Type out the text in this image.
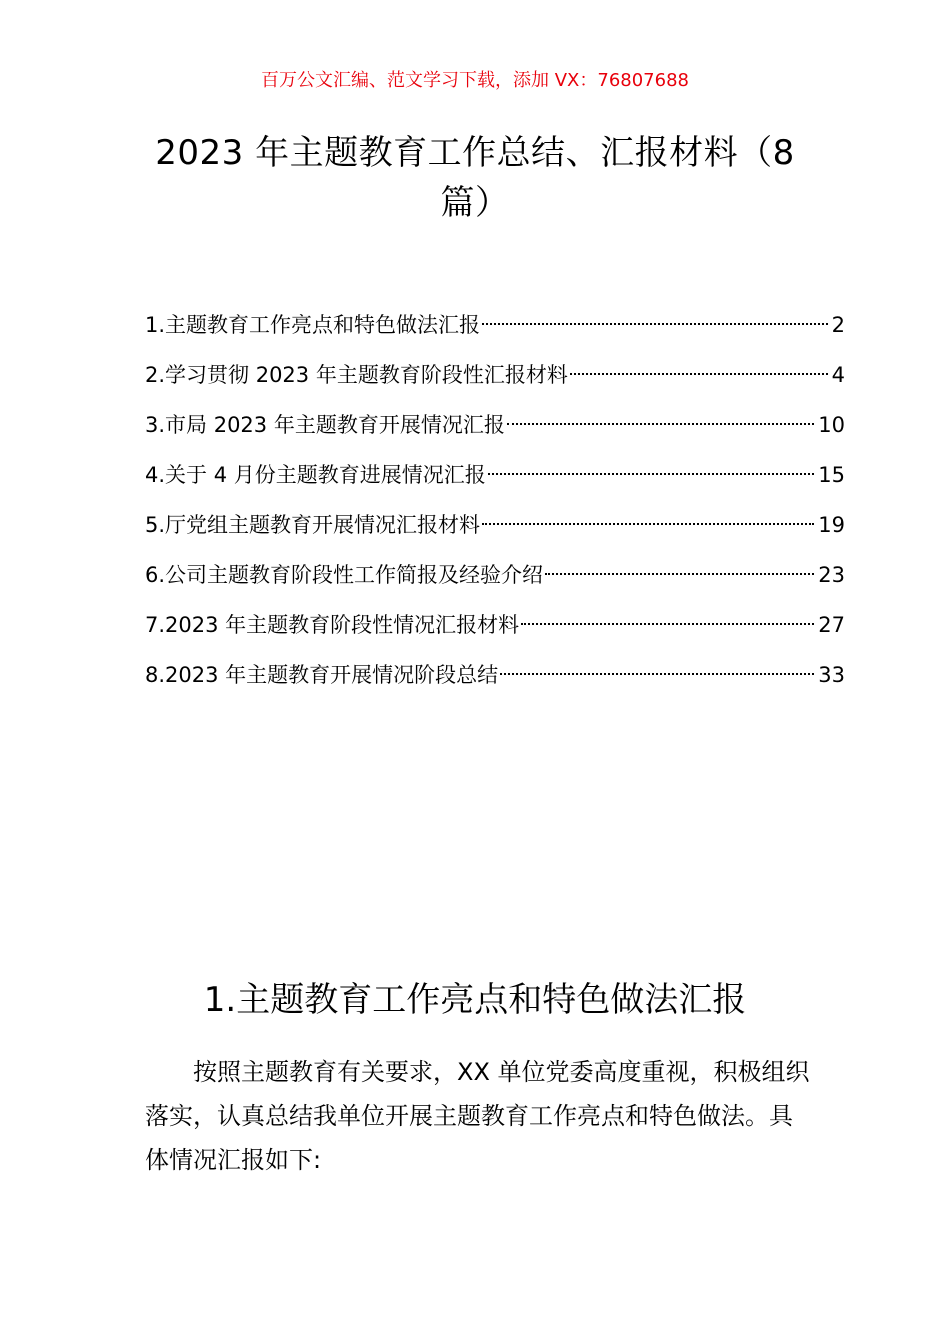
百万公文汇编、范文学习下载，添加 VX：76807688
2023 年主题教育工作总结、汇报材料（8 篇）
1.主题教育工作亮点和特色做法汇报	2
2.学习贯彻 2023 年主题教育阶段性汇报材料	4
3.市局 2023 年主题教育开展情况汇报	10
4.关于 4 月份主题教育进展情况汇报	15
5.厅党组主题教育开展情况汇报材料	19
6.公司主题教育阶段性工作简报及经验介绍	23
7.2023 年主题教育阶段性情况汇报材料	27
8.2023 年主题教育开展情况阶段总结	33
1.主题教育工作亮点和特色做法汇报

按照主题教育有关要求，XX 单位党委高度重视，积极组织落实，认真总结我单位开展主题教育工作亮点和特色做法。具体情况汇报如下:
